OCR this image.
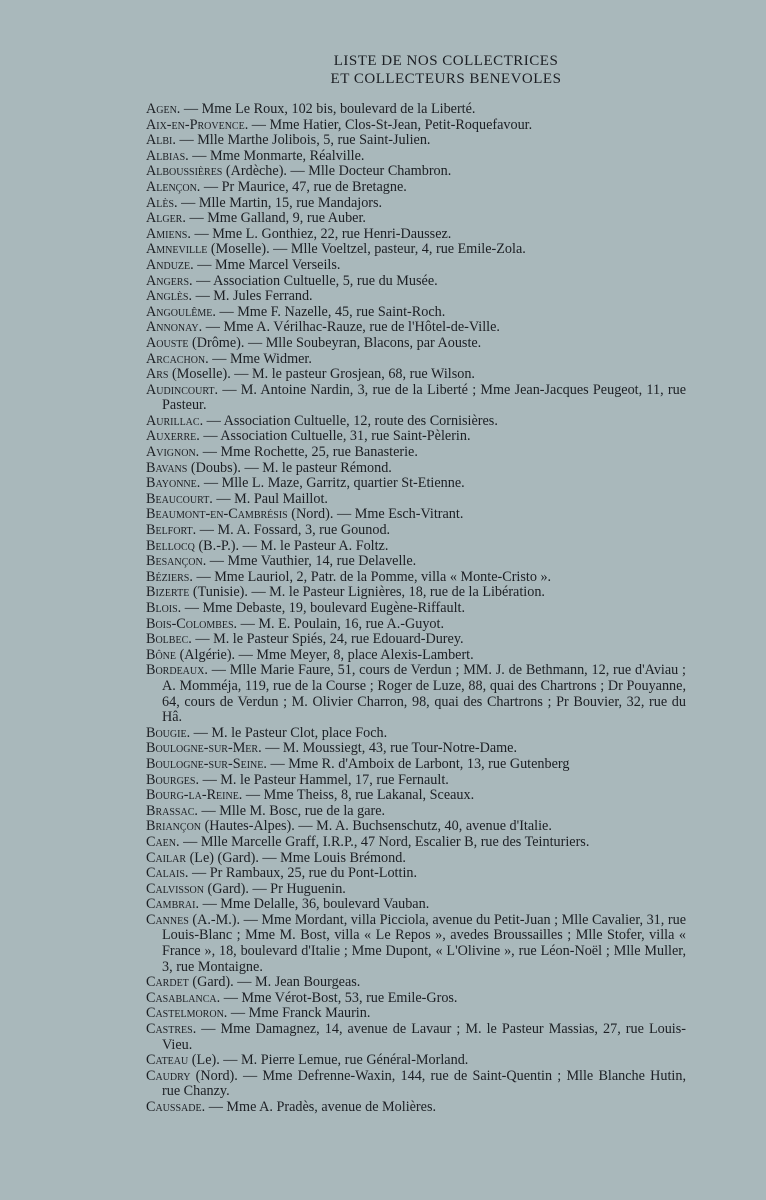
LISTE DE NOS COLLECTRICES
ET COLLECTEURS BENEVOLES
Agen. — Mme Le Roux, 102 bis, boulevard de la Liberté.
Aix-en-Provence. — Mme Hatier, Clos-St-Jean, Petit-Roquefavour.
Albi. — Mlle Marthe Jolibois, 5, rue Saint-Julien.
Albias. — Mme Monmarte, Réalville.
Alboussières (Ardèche). — Mlle Docteur Chambron.
Alençon. — Pr Maurice, 47, rue de Bretagne.
Alès. — Mlle Martin, 15, rue Mandajors.
Alger. — Mme Galland, 9, rue Auber.
Amiens. — Mme L. Gonthiez, 22, rue Henri-Daussez.
Amneville (Moselle). — Mlle Voeltzel, pasteur, 4, rue Emile-Zola.
Anduze. — Mme Marcel Verseils.
Angers. — Association Cultuelle, 5, rue du Musée.
Anglès. — M. Jules Ferrand.
Angoulême. — Mme F. Nazelle, 45, rue Saint-Roch.
Annonay. — Mme A. Vérilhac-Rauze, rue de l'Hôtel-de-Ville.
Aouste (Drôme). — Mlle Soubeyran, Blacons, par Aouste.
Arcachon. — Mme Widmer.
Ars (Moselle). — M. le pasteur Grosjean, 68, rue Wilson.
Audincourt. — M. Antoine Nardin, 3, rue de la Liberté ; Mme Jean-Jacques Peugeot, 11, rue Pasteur.
Aurillac. — Association Cultuelle, 12, route des Cornisières.
Auxerre. — Association Cultuelle, 31, rue Saint-Pèlerin.
Avignon. — Mme Rochette, 25, rue Banasterie.
Bavans (Doubs). — M. le pasteur Rémond.
Bayonne. — Mlle L. Maze, Garritz, quartier St-Etienne.
Beaucourt. — M. Paul Maillot.
Beaumont-en-Cambrésis (Nord). — Mme Esch-Vitrant.
Belfort. — M. A. Fossard, 3, rue Gounod.
Bellocq (B.-P.). — M. le Pasteur A. Foltz.
Besançon. — Mme Vauthier, 14, rue Delavelle.
Béziers. — Mme Lauriol, 2, Patr. de la Pomme, villa « Monte-Cristo ».
Bizerte (Tunisie). — M. le Pasteur Lignières, 18, rue de la Libération.
Blois. — Mme Debaste, 19, boulevard Eugène-Riffault.
Bois-Colombes. — M. E. Poulain, 16, rue A.-Guyot.
Bolbec. — M. le Pasteur Spiés, 24, rue Edouard-Durey.
Bône (Algérie). — Mme Meyer, 8, place Alexis-Lambert.
Bordeaux. — Mlle Marie Faure, 51, cours de Verdun ; MM. J. de Bethmann, 12, rue d'Aviau ; A. Momméja, 119, rue de la Course ; Roger de Luze, 88, quai des Chartrons ; Dr Pouyanne, 64, cours de Verdun ; M. Olivier Charron, 98, quai des Chartrons ; Pr Bouvier, 32, rue du Hâ.
Bougie. — M. le Pasteur Clot, place Foch.
Boulogne-sur-Mer. — M. Moussiegt, 43, rue Tour-Notre-Dame.
Boulogne-sur-Seine. — Mme R. d'Amboix de Larbont, 13, rue Gutenberg
Bourges. — M. le Pasteur Hammel, 17, rue Fernault.
Bourg-la-Reine. — Mme Theiss, 8, rue Lakanal, Sceaux.
Brassac. — Mlle M. Bosc, rue de la gare.
Briançon (Hautes-Alpes). — M. A. Buchsenschutz, 40, avenue d'Italie.
Caen. — Mlle Marcelle Graff, I.R.P., 47 Nord, Escalier B, rue des Teinturiers.
Cailar (Le) (Gard). — Mme Louis Brémond.
Calais. — Pr Rambaux, 25, rue du Pont-Lottin.
Calvisson (Gard). — Pr Huguenin.
Cambrai. — Mme Delalle, 36, boulevard Vauban.
Cannes (A.-M.). — Mme Mordant, villa Picciola, avenue du Petit-Juan ; Mlle Cavalier, 31, rue Louis-Blanc ; Mme M. Bost, villa « Le Repos », avedes Broussailles ; Mlle Stofer, villa « France », 18, boulevard d'Italie ; Mme Dupont, « L'Olivine », rue Léon-Noël ; Mlle Muller, 3, rue Montaigne.
Cardet (Gard). — M. Jean Bourgeas.
Casablanca. — Mme Vérot-Bost, 53, rue Emile-Gros.
Castelmoron. — Mme Franck Maurin.
Castres. — Mme Damagnez, 14, avenue de Lavaur ; M. le Pasteur Massias, 27, rue Louis-Vieu.
Cateau (Le). — M. Pierre Lemue, rue Général-Morland.
Caudry (Nord). — Mme Defrenne-Waxin, 144, rue de Saint-Quentin ; Mlle Blanche Hutin, rue Chanzy.
Caussade. — Mme A. Pradès, avenue de Molières.
